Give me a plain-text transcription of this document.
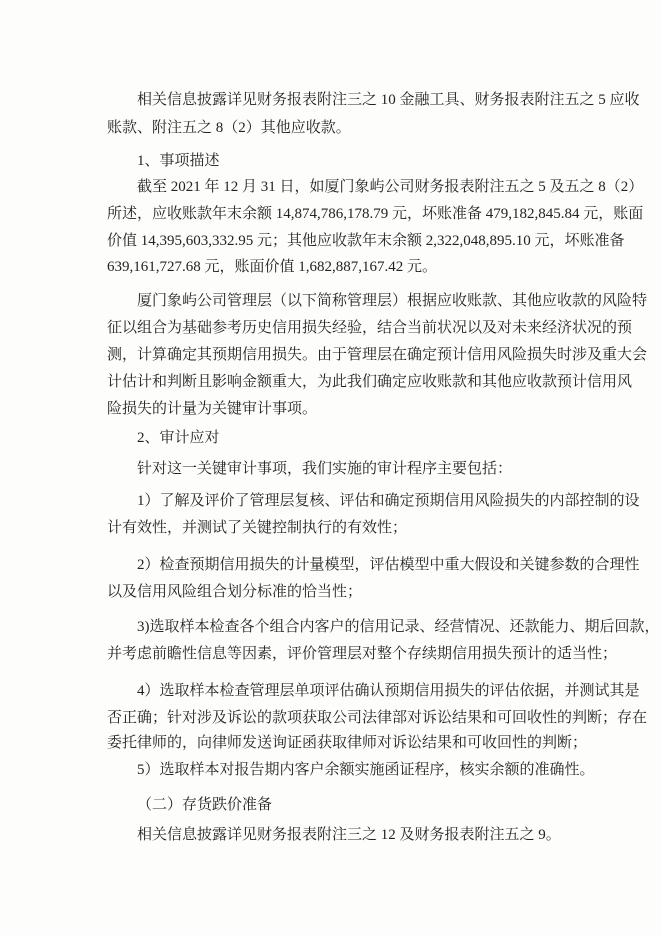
相关信息披露详见财务报表附注三之 10 金融工具、财务报表附注五之 5 应收
账款、附注五之 8（2）其他应收款。
1、事项描述
截至 2021 年 12 月 31 日，如厦门象屿公司财务报表附注五之 5 及五之 8（2）
所述，应收账款年末余额 14,874,786,178.79 元，坏账准备 479,182,845.84 元，账面
价值 14,395,603,332.95 元；其他应收款年末余额 2,322,048,895.10 元，坏账准备
639,161,727.68 元，账面价值 1,682,887,167.42 元。
厦门象屿公司管理层（以下简称管理层）根据应收账款、其他应收款的风险特
征以组合为基础参考历史信用损失经验，结合当前状况以及对未来经济状况的预
测，计算确定其预期信用损失。由于管理层在确定预计信用风险损失时涉及重大会
计估计和判断且影响金额重大，为此我们确定应收账款和其他应收款预计信用风
险损失的计量为关键审计事项。
2、审计应对
针对这一关键审计事项，我们实施的审计程序主要包括：
1）了解及评价了管理层复核、评估和确定预期信用风险损失的内部控制的设
计有效性，并测试了关键控制执行的有效性；
2）检查预期信用损失的计量模型，评估模型中重大假设和关键参数的合理性
以及信用风险组合划分标准的恰当性；
3)选取样本检查各个组合内客户的信用记录、经营情况、还款能力、期后回款，
并考虑前瞻性信息等因素，评价管理层对整个存续期信用损失预计的适当性；
4）选取样本检查管理层单项评估确认预期信用损失的评估依据，并测试其是
否正确；针对涉及诉讼的款项获取公司法律部对诉讼结果和可回收性的判断；存在
委托律师的，向律师发送询证函获取律师对诉讼结果和可收回性的判断；
5）选取样本对报告期内客户余额实施函证程序，核实余额的准确性。
（二）存货跌价准备
相关信息披露详见财务报表附注三之 12 及财务报表附注五之 9。
